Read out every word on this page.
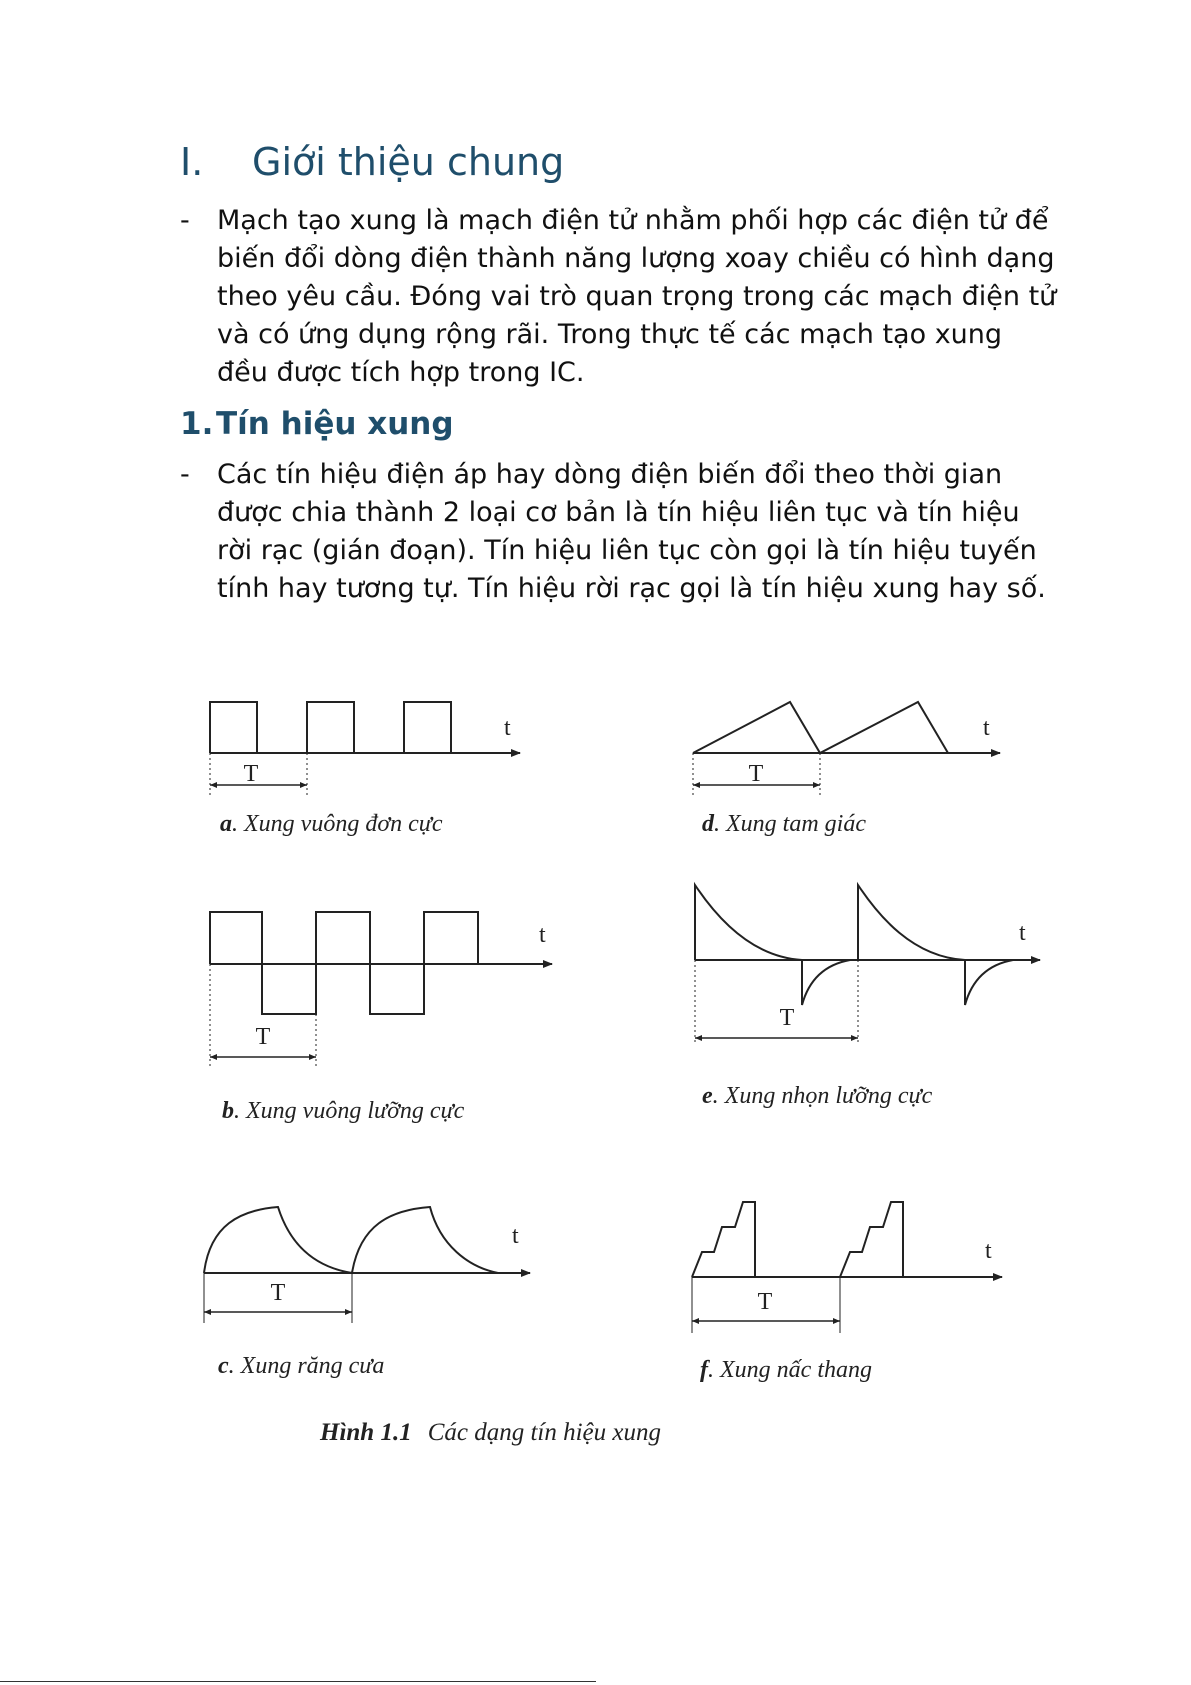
I. Giới thiệu chung
- Mạch tạo xung là mạch điện tử nhằm phối hợp các điện tử để biến đổi dòng điện thành năng lượng xoay chiều có hình dạng theo yêu cầu. Đóng vai trò quan trọng trong các mạch điện tử và có ứng dụng rộng rãi. Trong thực tế các mạch tạo xung đều được tích hợp trong IC.
1.Tín hiệu xung
- Các tín hiệu điện áp hay dòng điện biến đổi theo thời gian được chia thành 2 loại cơ bản là tín hiệu liên tục và tín hiệu rời rạc (gián đoạn). Tín hiệu liên tục còn gọi là tín hiệu tuyến tính hay tương tự. Tín hiệu rời rạc gọi là tín hiệu xung hay số.
t	t
t	t
t
t
T	T
T
T
T	T
a. Xung vuông đơn cực
b. Xung vuông lưỡng cực
c. Xung răng cưa
d. Xung tam giác
e. Xung nhọn lưỡng cực
f. Xung nấc thang
Hình 1.1 Các dạng tín hiệu xung
